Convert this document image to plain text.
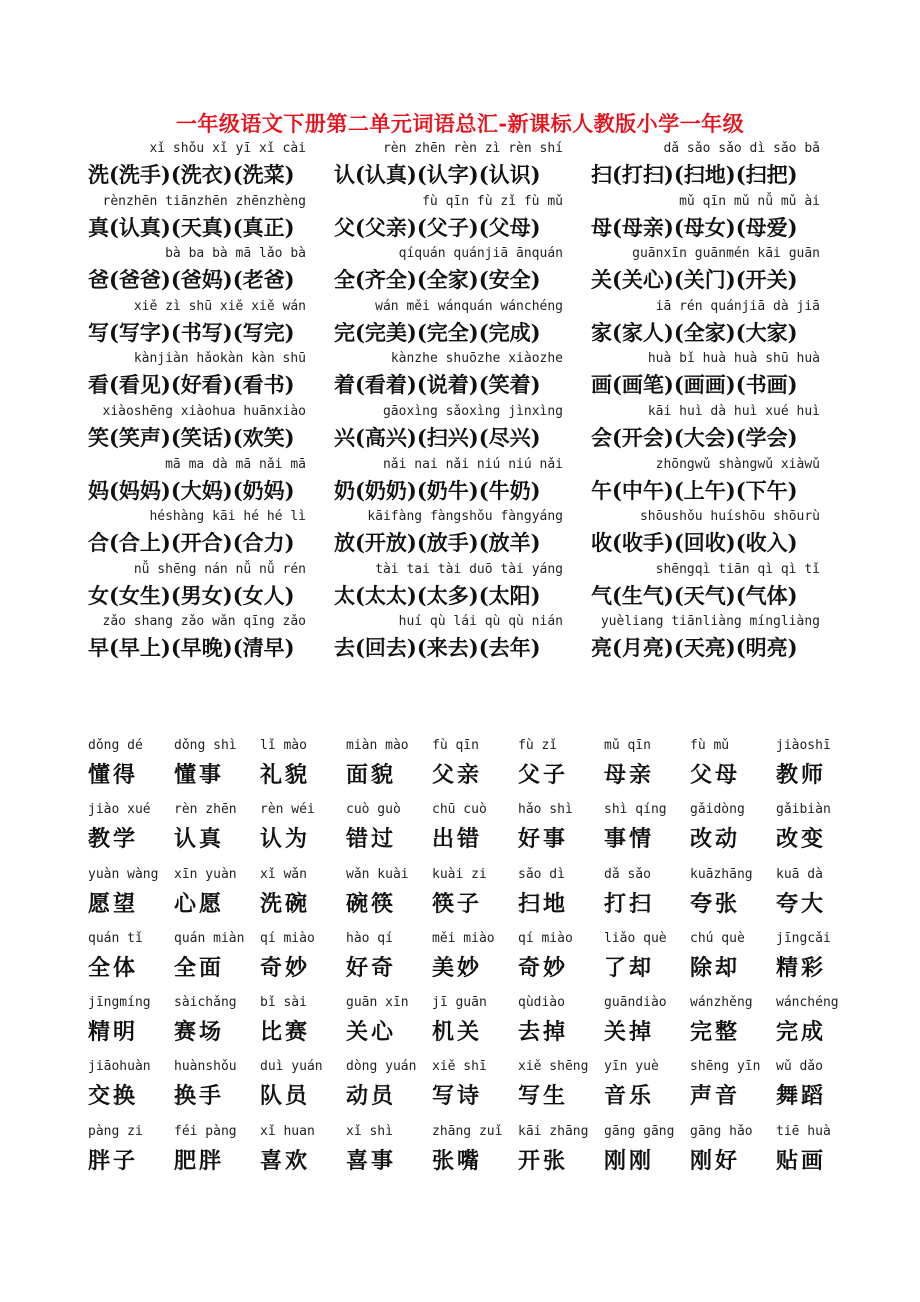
一年级语文下册第二单元词语总汇-新课标人教版小学一年级
xǐ shǒu xǐ yī xǐ cài
洗(洗手)(洗衣)(洗菜)
rèn zhēn rèn zì rèn shí
认(认真)(认字)(认识)
dǎ sǎo sǎo dì sǎo bǎ
扫(打扫)(扫地)(扫把)
rènzhēn tiānzhēn zhēnzhèng
真(认真)(天真)(真正)
fù qīn fù zǐ fù mǔ
父(父亲)(父子)(父母)
mǔ qīn mǔ nǚ mǔ ài
母(母亲)(母女)(母爱)
bà ba bà mā lǎo bà
爸(爸爸)(爸妈)(老爸)
qíquán quánjiā ānquán
全(齐全)(全家)(安全)
guānxīn guānmén kāi guān
关(关心)(关门)(开关)
xiě zì shū xiě xiě wán
写(写字)(书写)(写完)
wán měi wánquán wánchéng
完(完美)(完全)(完成)
iā rén quánjiā dà jiā
家(家人)(全家)(大家)
kànjiàn hǎokàn kàn shū
看(看见)(好看)(看书)
kànzhe shuōzhe xiàozhe
着(看着)(说着)(笑着)
huà bǐ huà huà shū huà
画(画笔)(画画)(书画)
xiàoshēng xiàohua huānxiào
笑(笑声)(笑话)(欢笑)
gāoxìng sǎoxìng jìnxìng
兴(高兴)(扫兴)(尽兴)
kāi huì dà huì xué huì
会(开会)(大会)(学会)
mā ma dà mā nǎi mā
妈(妈妈)(大妈)(奶妈)
nǎi nai nǎi niú niú nǎi
奶(奶奶)(奶牛)(牛奶)
zhōngwǔ shàngwǔ xiàwǔ
午(中午)(上午)(下午)
héshàng kāi hé hé lì
合(合上)(开合)(合力)
kāifàng fàngshǒu fàngyáng
放(开放)(放手)(放羊)
shōushǒu huíshōu shōurù
收(收手)(回收)(收入)
nǚ shēng nán nǚ nǚ rén
女(女生)(男女)(女人)
tài tai tài duō tài yáng
太(太太)(太多)(太阳)
shēngqì tiān qì qì tǐ
气(生气)(天气)(气体)
zǎo shang zǎo wǎn qīng zǎo
早(早上)(早晚)(清早)
huí qù lái qù qù nián
去(回去)(来去)(去年)
yuèliang tiānliàng míngliàng
亮(月亮)(天亮)(明亮)
dǒng dé
懂得
dǒng shì
懂事
lǐ mào
礼貌
miàn mào
面貌
fù qīn
父亲
fù zǐ
父子
mǔ qīn
母亲
fù mǔ
父母
jiàoshī
教师
jiào xué
教学
rèn zhēn
认真
rèn wéi
认为
cuò guò
错过
chū cuò
出错
hǎo shì
好事
shì qíng
事情
gǎidòng
改动
gǎibiàn
改变
yuàn wàng
愿望
xīn yuàn
心愿
xǐ wǎn
洗碗
wǎn kuài
碗筷
kuài zi
筷子
sǎo dì
扫地
dǎ sǎo
打扫
kuāzhāng
夸张
kuā dà
夸大
quán tǐ
全体
quán miàn
全面
qí miào
奇妙
hào qí
好奇
měi miào
美妙
qí miào
奇妙
liǎo què
了却
chú què
除却
jīngcǎi
精彩
jīngmíng
精明
sàichǎng
赛场
bǐ sài
比赛
guān xīn
关心
jī guān
机关
qùdiào
去掉
guāndiào
关掉
wánzhěng
完整
wánchéng
完成
jiāohuàn
交换
huànshǒu
换手
duì yuán
队员
dòng yuán
动员
xiě shī
写诗
xiě shēng
写生
yīn yuè
音乐
shēng yīn
声音
wǔ dǎo
舞蹈
pàng zi
胖子
féi pàng
肥胖
xǐ huan
喜欢
xǐ shì
喜事
zhāng zuǐ
张嘴
kāi zhāng
开张
gāng gāng
刚刚
gāng hǎo
刚好
tiē huà
贴画
